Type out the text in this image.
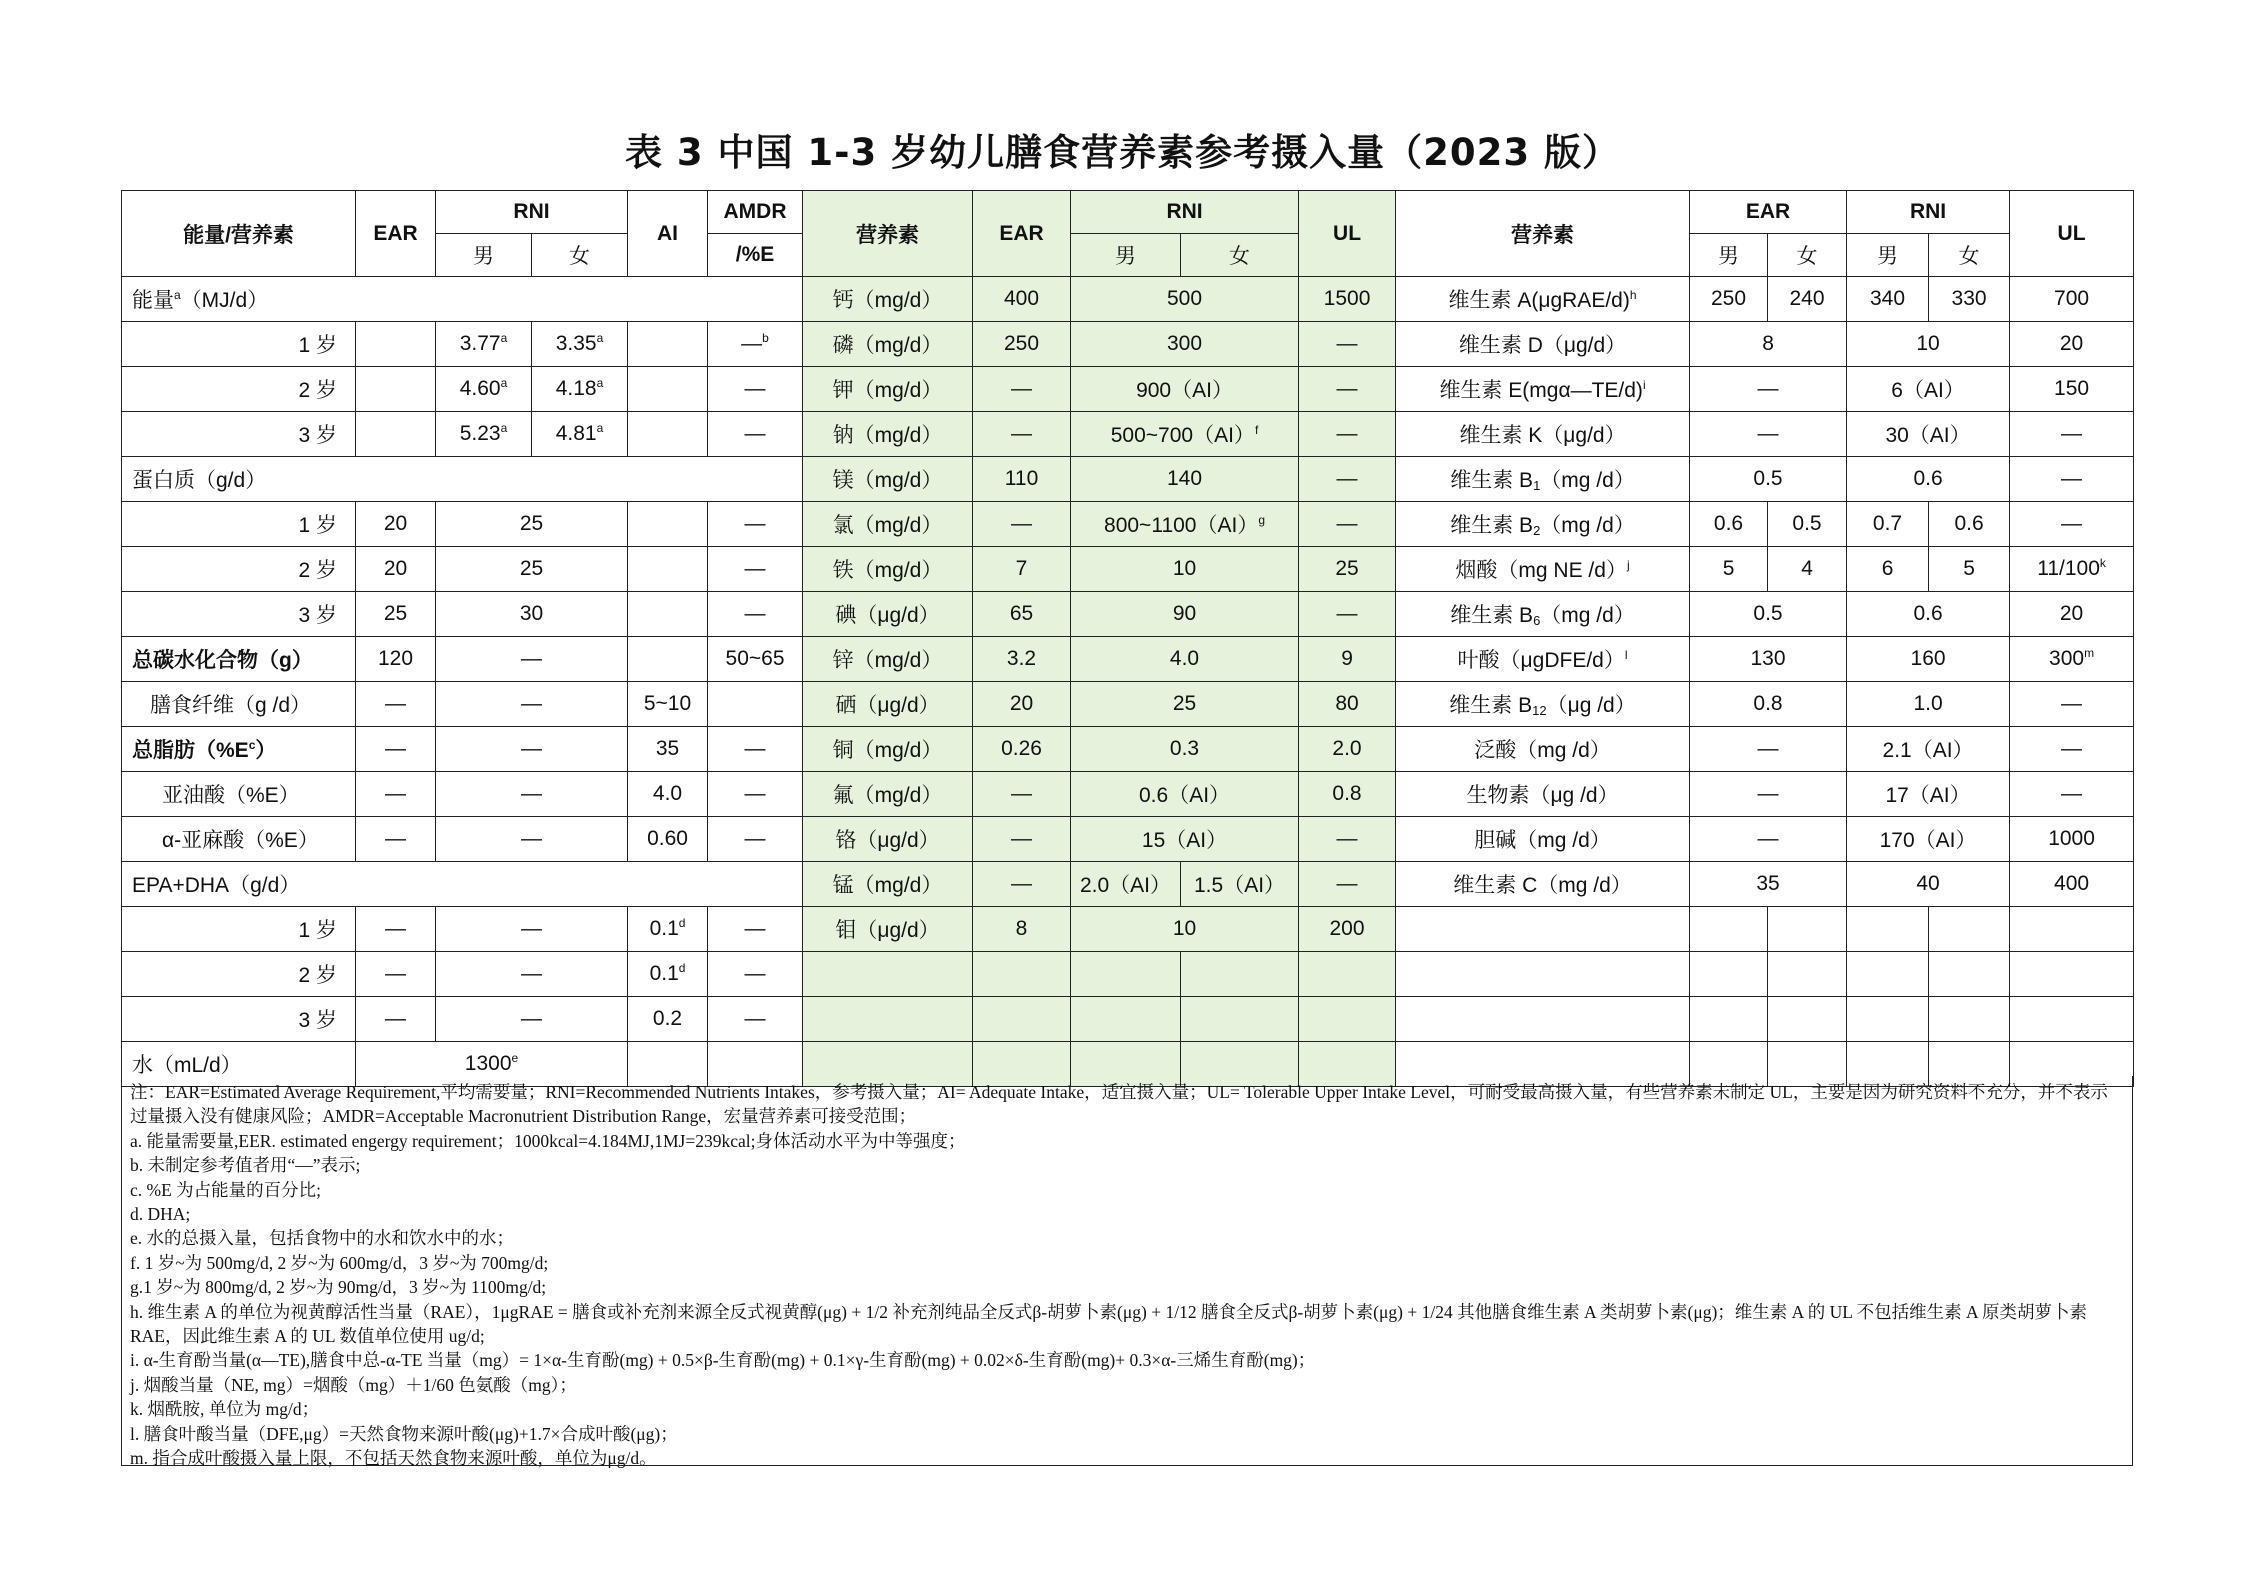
表 3 中国 1-3 岁幼儿膳食营养素参考摄入量（2023 版）
能量/营养素	EAR	RNI		AI	AMDR	营养素	EAR	RNI		UL	营养素	EAR		RNI		UL
		男	女		/%E			男	女			男	女	男	女	
能量$^a$（MJ/d）						钙（mg/d）	400	500		1500	维生素 A(μgRAE/d)$^h$	250	240	340	330	700
1 岁		3.77$^a$	3.35$^a$		—$^b$	磷（mg/d）	250	300		—	维生素 D（μg/d）	8		10		20
2 岁		4.60$^a$	4.18$^a$		—	钾（mg/d）	—	900（AI）		—	维生素 E(mgα—TE/d)$^i$	—		6（AI）		150
3 岁		5.23$^a$	4.81$^a$		—	钠（mg/d）	—	500~700（AI）$^f$		—	维生素 K（μg/d）	—		30（AI）		—
蛋白质（g/d）						镁（mg/d）	110	140		—	维生素 $B_1(mg$ /d）	0.5		0.6		—
1 岁	20	25			—	氯（mg/d）	—	800~1100（AI）$^g$		—	维生素 $B_2(mg$ /d）	0.6	0.5	0.7	0.6	—
2 岁	20	25			—	铁（mg/d）	7	10		25	烟酸（mg NE /d）$^j$	5	4	6	5	11/100$^k$
3 岁	25	30			—	碘（μg/d）	65	90		—	维生素 $B_6(mg$ /d）	0.5		0.6		20
总碳水化合物（g）	120	—			50~65	锌（mg/d）	3.2	4.0		9	叶酸（μgDFE/d）$^l$	130		160		300$^m$
膳食纤维（g /d）	—	—		5~10		硒（μg/d）	20	25		80	维生素 $B_{12}(\mu g$ /d）	0.8		1.0		—
总脂肪$(\%E^c)$	—	—		35	—	铜（mg/d）	0.26	0.3		2.0	泛酸（mg /d）	—		2.1（AI）		—
亚油酸（%E）	—	—		4.0	—	氟（mg/d）	—	0.6（AI）		0.8	生物素（μg /d）	—		17（AI）		—
α-亚麻酸（%E）	—	—		0.60	—	铬（μg/d）	—	15（AI）		—	胆碱（mg /d）	—		170（AI）		1000
EPA+DHA（g/d）						锰（mg/d）	—	2.0（AI）	1.5（AI）	—	维生素 C（mg /d）	35		40		400
1 岁	—	—		0.1$^d$	—	钼（μg/d）	8	10		200						
2 岁	—	—		0.1$^d$	—											
3 岁	—	—		0.2	—											
水（mL/d）	1300e													
注：EAR=Estimated Average Requirement,平均需要量；RNI=Recommended Nutrients Intakes，参考摄入量；AI= Adequate Intake，适宜摄入量；UL= Tolerable Upper Intake Level，可耐受最高摄入量，有些营养素未制定 UL，主要是因为研究资料不充分，并不表示过量摄入没有健康风险；AMDR=Acceptable Macronutrient Distribution Range，宏量营养素可接受范围；
a. 能量需要量,EER. estimated engergy requirement；1000kcal=4.184MJ,1MJ=239kcal;身体活动水平为中等强度；
b. 未制定参考值者用“—”表示;
c. %E 为占能量的百分比;
d. DHA;
e. 水的总摄入量，包括食物中的水和饮水中的水；
f. 1 岁~为 500mg/d, 2 岁~为 600mg/d，3 岁~为 700mg/d;
g.1 岁~为 800mg/d, 2 岁~为 90mg/d，3 岁~为 1100mg/d;
h. 维生素 A 的单位为视黄醇活性当量（RAE），1μgRAE = 膳食或补充剂来源全反式视黄醇(μg) + 1/2 补充剂纯品全反式β-胡萝卜素(μg) + 1/12 膳食全反式β-胡萝卜素(μg) + 1/24 其他膳食维生素 A 类胡萝卜素(μg)；维生素 A 的 UL 不包括维生素 A 原类胡萝卜素 RAE，因此维生素 A 的 UL 数值单位使用 ug/d;
i. α-生育酚当量(α—TE),膳食中总-α-TE 当量（mg）= 1×α-生育酚(mg) + 0.5×β-生育酚(mg) + 0.1×γ-生育酚(mg) + 0.02×δ-生育酚(mg)+ 0.3×α-三烯生育酚(mg)；
j. 烟酸当量（NE, mg）=烟酸（mg）＋1/60 色氨酸（mg）；
k. 烟酰胺, 单位为 mg/d；
l. 膳食叶酸当量（DFE,μg）=天然食物来源叶酸(μg)+1.7×合成叶酸(μg)；
m. 指合成叶酸摄入量上限，不包括天然食物来源叶酸，单位为μg/d。
